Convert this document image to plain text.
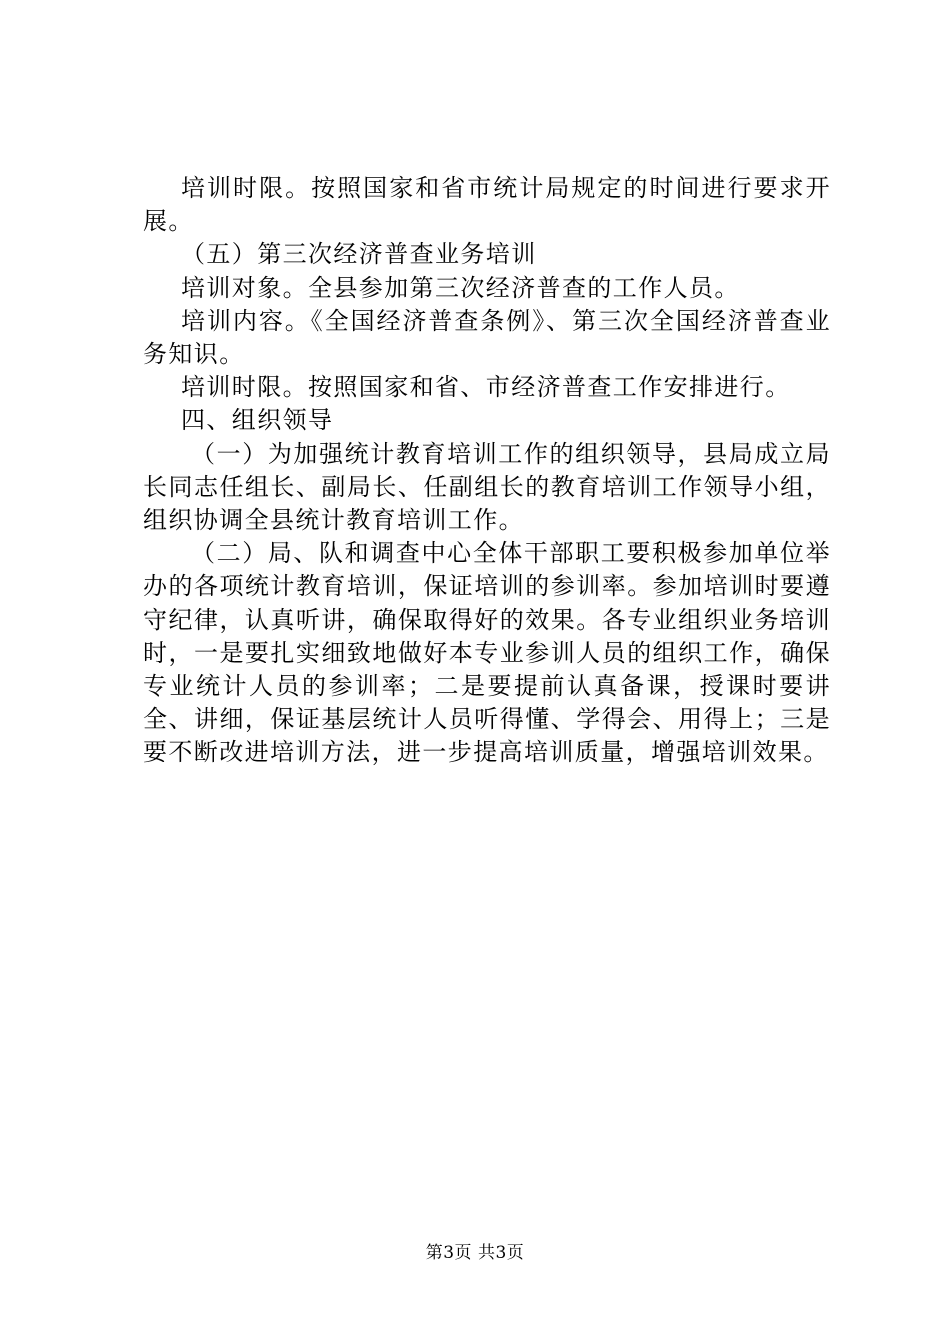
培训时限。按照国家和省市统计局规定的时间进行要求开展。

（五）第三次经济普查业务培训

培训对象。全县参加第三次经济普查的工作人员。

培训内容。《全国经济普查条例》、第三次全国经济普查业务知识。

培训时限。按照国家和省、市经济普查工作安排进行。

四、组织领导

（一）为加强统计教育培训工作的组织领导，县局成立局长同志任组长、副局长、任副组长的教育培训工作领导小组，组织协调全县统计教育培训工作。

（二）局、队和调查中心全体干部职工要积极参加单位举办的各项统计教育培训，保证培训的参训率。参加培训时要遵守纪律，认真听讲，确保取得好的效果。各专业组织业务培训时，一是要扎实细致地做好本专业参训人员的组织工作，确保专业统计人员的参训率；二是要提前认真备课，授课时要讲全、讲细，保证基层统计人员听得懂、学得会、用得上；三是要不断改进培训方法，进一步提高培训质量，增强培训效果。

第3页 共3页
